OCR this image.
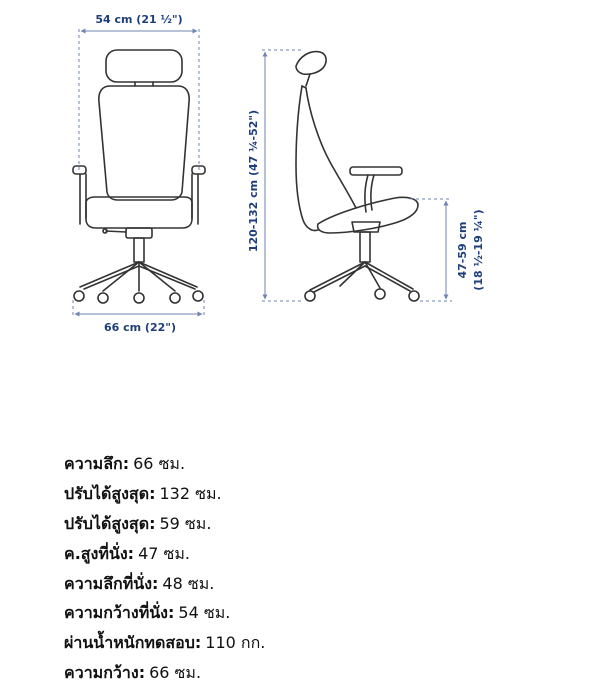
54 cm (21 ½")
66 cm (22")
120-132 cm (47 ¼-52")	47-59 cm (18 ½-19 ¼")
ความลึก: 66 ซม.
ปรับได้สูงสุด: 132 ซม.
ปรับได้สูงสุด: 59 ซม.
ค.สูงที่นั่ง: 47 ซม.
ความลึกที่นั่ง: 48 ซม.
ความกว้างที่นั่ง: 54 ซม.
ผ่านน้ำหนักทดสอบ: 110 กก.
ความกว้าง: 66 ซม.
